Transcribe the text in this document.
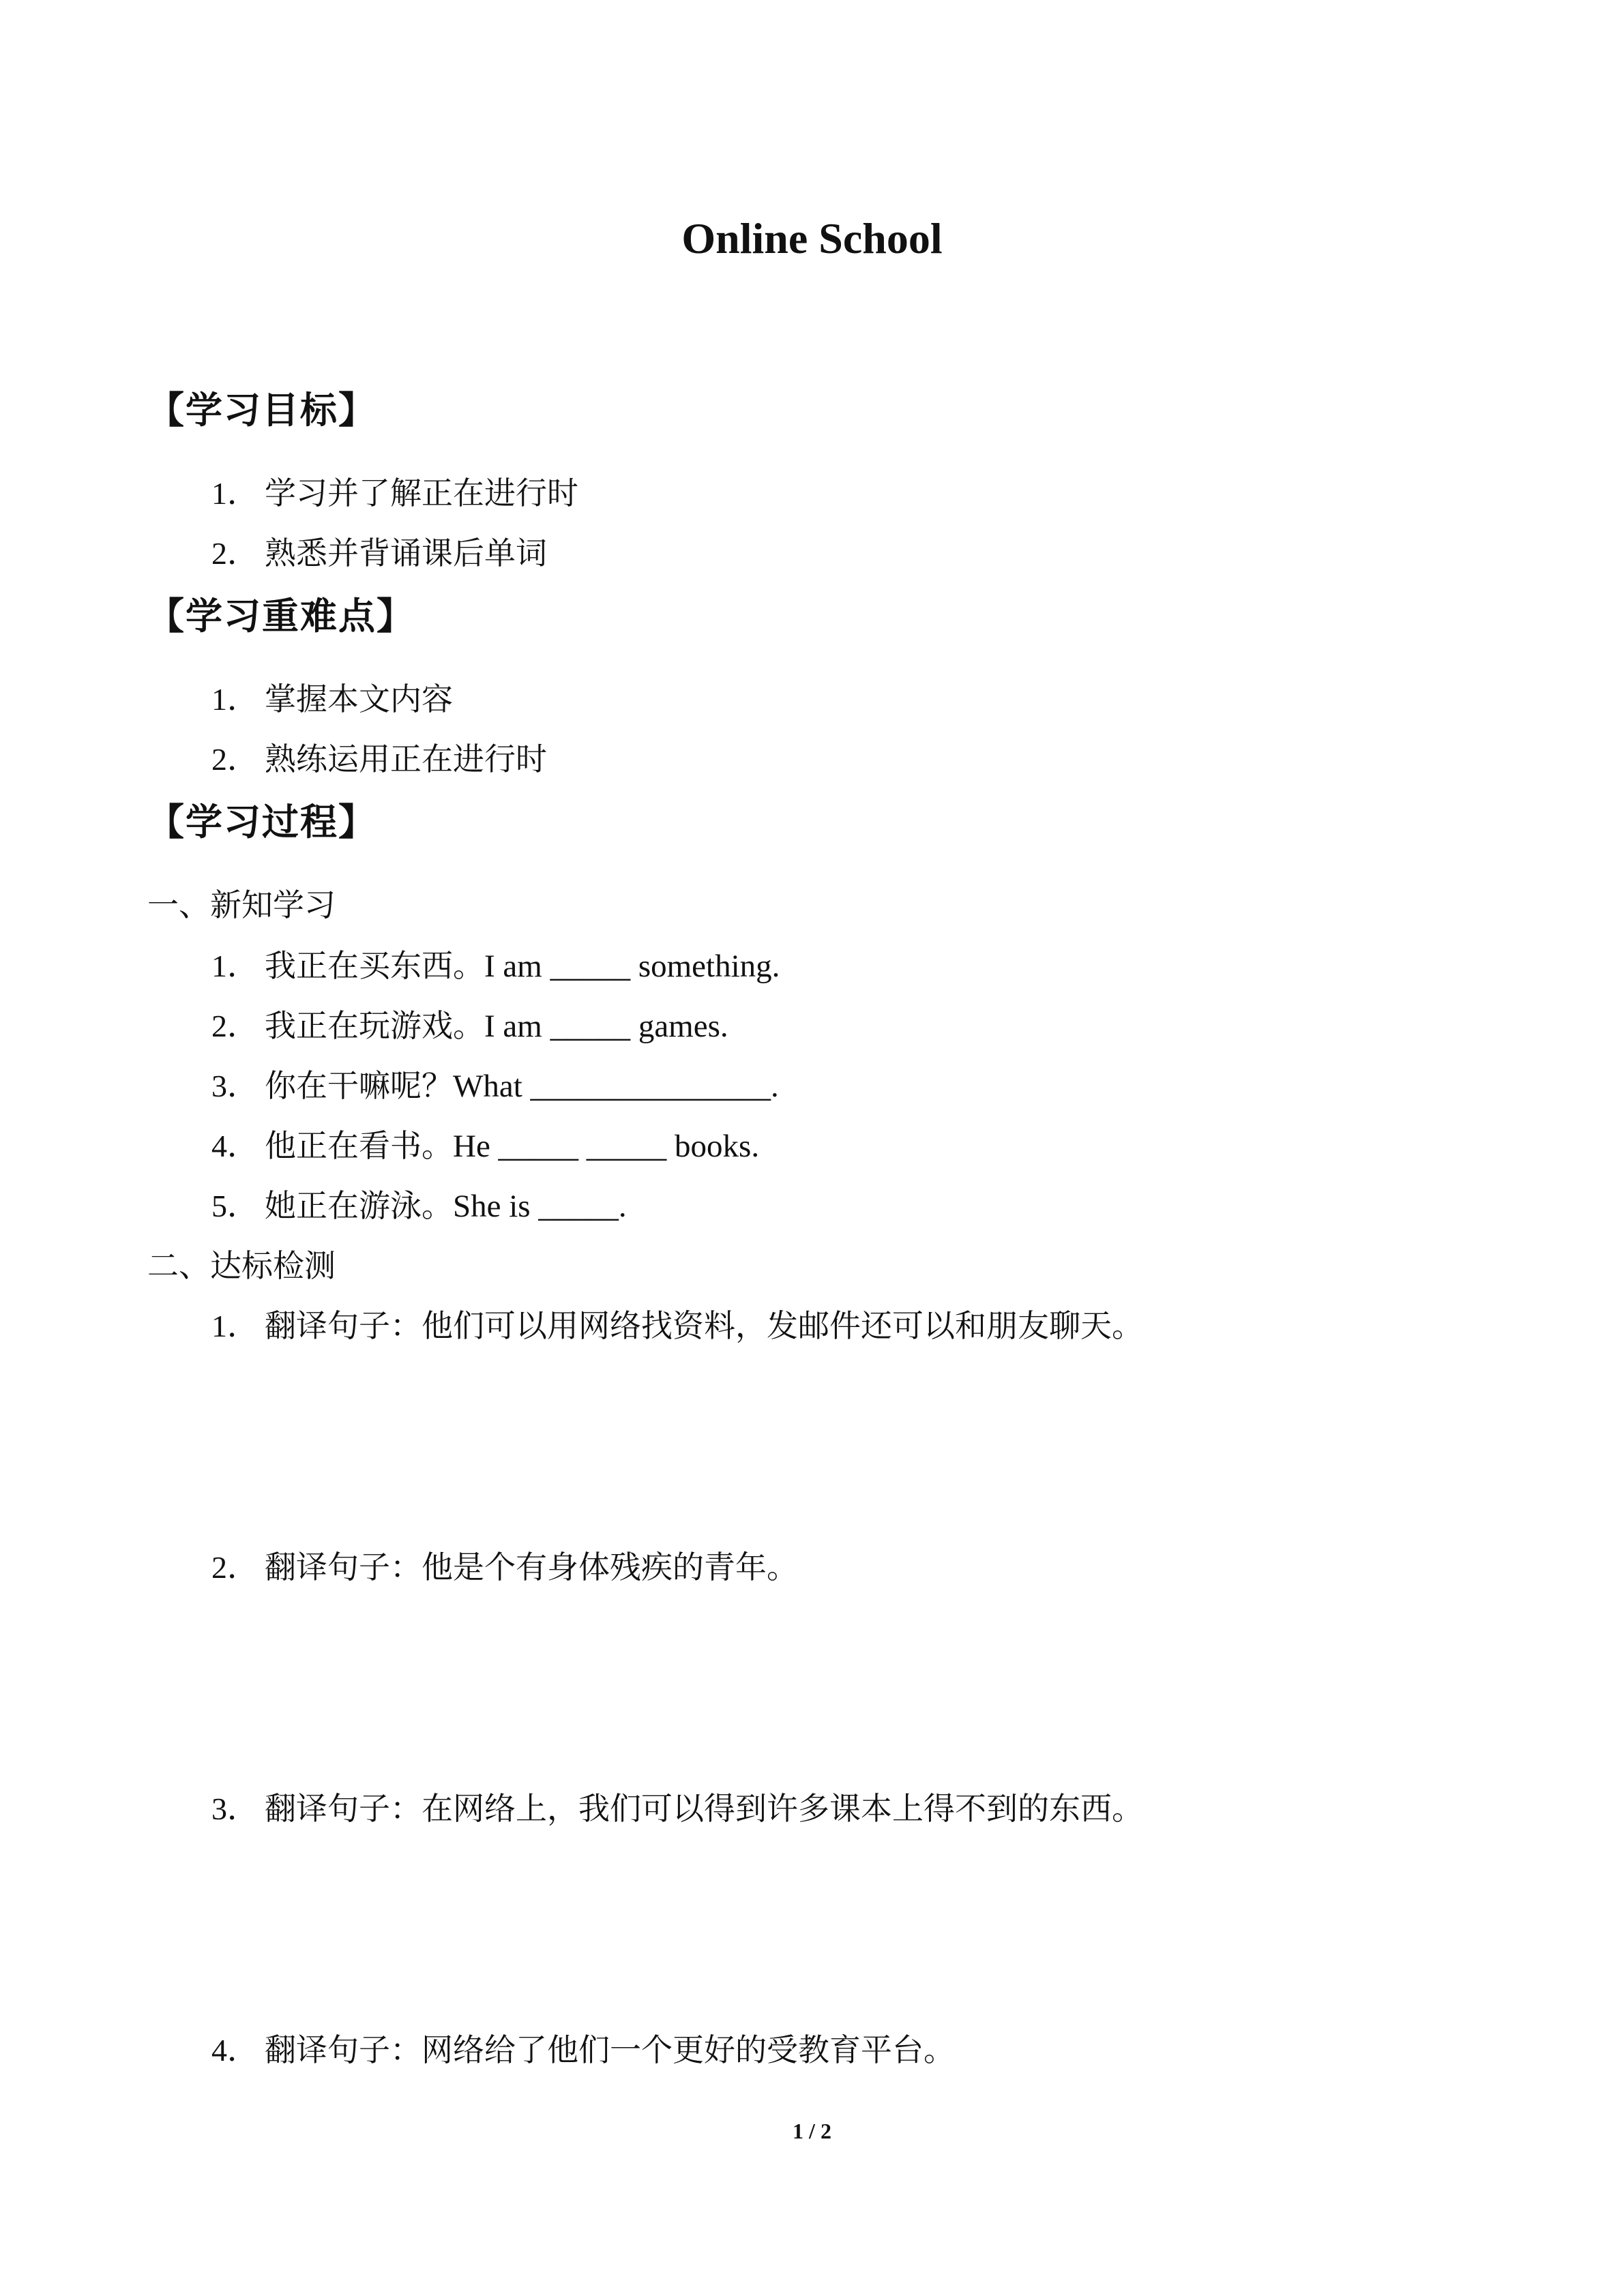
Online School
【学习目标】

1． 学习并了解正在进行时

2． 熟悉并背诵课后单词

【学习重难点】

1． 掌握本文内容

2． 熟练运用正在进行时

【学习过程】

一、新知学习

1． 我正在买东西。I am _____ something.

2． 我正在玩游戏。I am _____ games.

3． 你在干嘛呢？What _______________.

4． 他正在看书。He _____ _____ books.

5． 她正在游泳。She is _____.

二、达标检测

1． 翻译句子：他们可以用网络找资料，发邮件还可以和朋友聊天。

2． 翻译句子：他是个有身体残疾的青年。

3． 翻译句子：在网络上，我们可以得到许多课本上得不到的东西。

4． 翻译句子：网络给了他们一个更好的受教育平台。

1 / 2
